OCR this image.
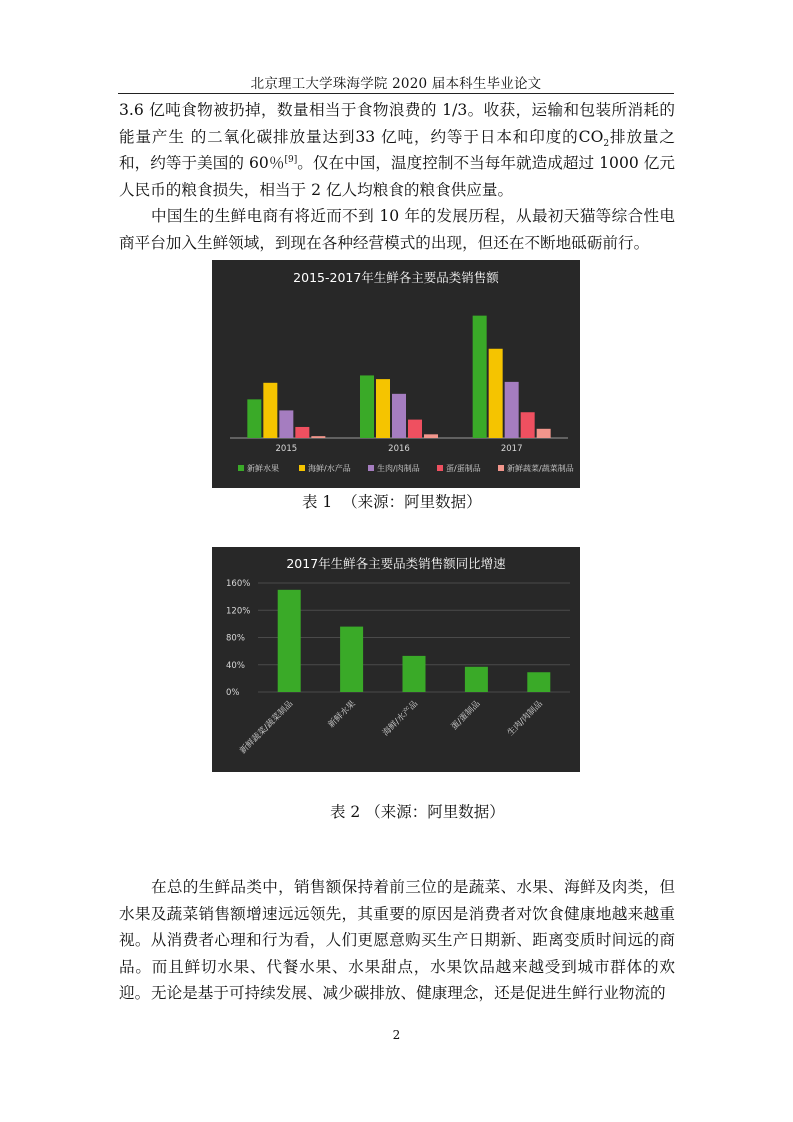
北京理工大学珠海学院 2020 届本科生毕业论文

3.6 亿吨食物被扔掉，数量相当于食物浪费的 1/3。收获，运输和包装所消耗的能量产生 的二氧化碳排放量达到33 亿吨，约等于日本和印度的$CO_2$排放量之和，约等于美国的 60％[9]。仅在中国，温度控制不当每年就造成超过 1000 亿元人民币的粮食损失，相当于 2 亿人均粮食的粮食供应量。

中国生的生鲜电商有将近而不到 10 年的发展历程，从最初天猫等综合性电商平台加入生鲜领域，到现在各种经营模式的出现，但还在不断地砥砺前行。

2015-2017年生鲜各主要品类销售额
2015	2016	2017
新鲜水果	海鲜/水产品	生肉/肉制品	蛋/蛋制品	新鲜蔬菜/蔬菜制品
表 1  （来源：阿里数据）
2017年生鲜各主要品类销售额同比增速
0%
40%
80%
120%
160%
新鲜蔬菜/蔬菜制品	新鲜水果	海鲜/水产品	蛋/蛋制品	生肉/肉制品
表 2 （来源：阿里数据）

在总的生鲜品类中，销售额保持着前三位的是蔬菜、水果、海鲜及肉类，但水果及蔬菜销售额增速远远领先，其重要的原因是消费者对饮食健康地越来越重视。从消费者心理和行为看，人们更愿意购买生产日期新、距离变质时间远的商品。而且鲜切水果、代餐水果、水果甜点，水果饮品越来越受到城市群体的欢迎。 无论是基于可持续发展、减少碳排放、健康理念，还是促进生鲜行业物流的

2
